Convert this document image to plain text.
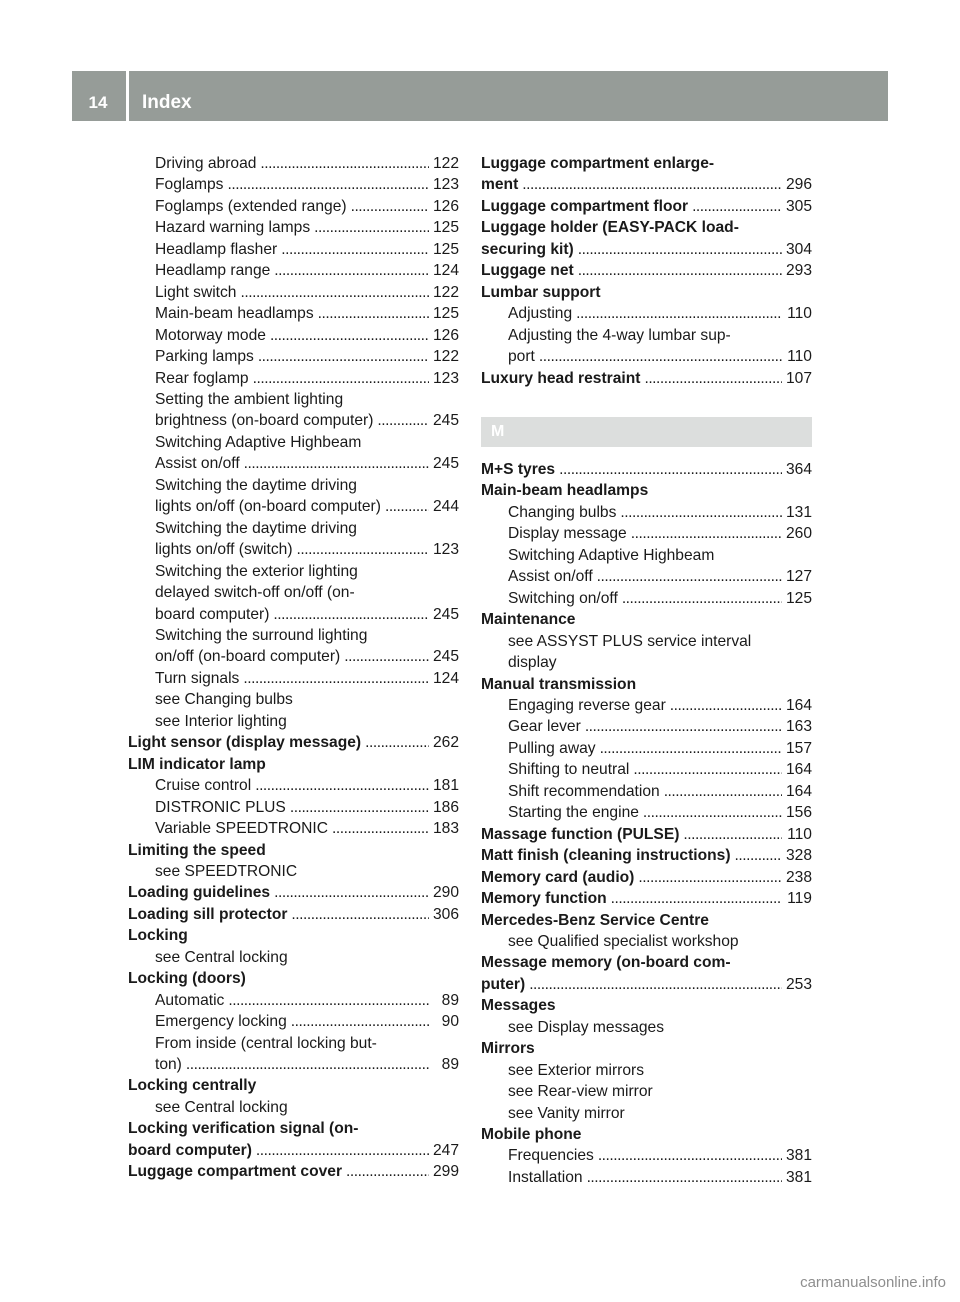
14	Index
Driving abroad . . .	122
Foglamps . . .	123
Foglamps (extended range) . . .	126
Hazard warning lamps . . .	125
Headlamp flasher . . .	125
Headlamp range . . .	124
Light switch . . .	122
Main-beam headlamps . . .	125
Motorway mode . . .	126
Parking lamps . . .	122
Rear foglamp . . .	123
Setting the ambient lighting
brightness (on-board computer) . . .	245
Switching Adaptive Highbeam
Assist on/off . . .	245
Switching the daytime driving
lights on/off (on-board computer) . . .	244
Switching the daytime driving
lights on/off (switch) . . .	123
Switching the exterior lighting
delayed switch-off on/off (on-
board computer) . . .	245
Switching the surround lighting
on/off (on-board computer) . . .	245
Turn signals . . .	124
see Changing bulbs
see Interior lighting
Light sensor (display message) . . .	262
LIM indicator lamp
Cruise control . . .	181
DISTRONIC PLUS . . .	186
Variable SPEEDTRONIC . . .	183
Limiting the speed
see SPEEDTRONIC
Loading guidelines . . .	290
Loading sill protector . . .	306
Locking
see Central locking
Locking (doors)
Automatic . . .	89
Emergency locking . . .	90
From inside (central locking but-
ton) . . .	89
Locking centrally
see Central locking
Locking verification signal (on-
board computer) . . .	247
Luggage compartment cover . . .	299
Luggage compartment enlarge-
ment . . .	296
Luggage compartment floor . . .	305
Luggage holder (EASY-PACK load-
securing kit) . . .	304
Luggage net . . .	293
Lumbar support
Adjusting . . .	110
Adjusting the 4-way lumbar sup-
port . . .	110
Luxury head restraint . . .	107
M
M+S tyres . . .	364
Main-beam headlamps
Changing bulbs . . .	131
Display message . . .	260
Switching Adaptive Highbeam
Assist on/off . . .	127
Switching on/off . . .	125
Maintenance
see ASSYST PLUS service interval
display
Manual transmission
Engaging reverse gear . . .	164
Gear lever . . .	163
Pulling away . . .	157
Shifting to neutral . . .	164
Shift recommendation . . .	164
Starting the engine . . .	156
Massage function (PULSE) . . .	110
Matt finish (cleaning instructions) . . .	328
Memory card (audio) . . .	238
Memory function . . .	119
Mercedes-Benz Service Centre
see Qualified specialist workshop
Message memory (on-board com-
puter) . . .	253
Messages
see Display messages
Mirrors
see Exterior mirrors
see Rear-view mirror
see Vanity mirror
Mobile phone
Frequencies . . .	381
Installation . . .	381
carmanualsonline.info
